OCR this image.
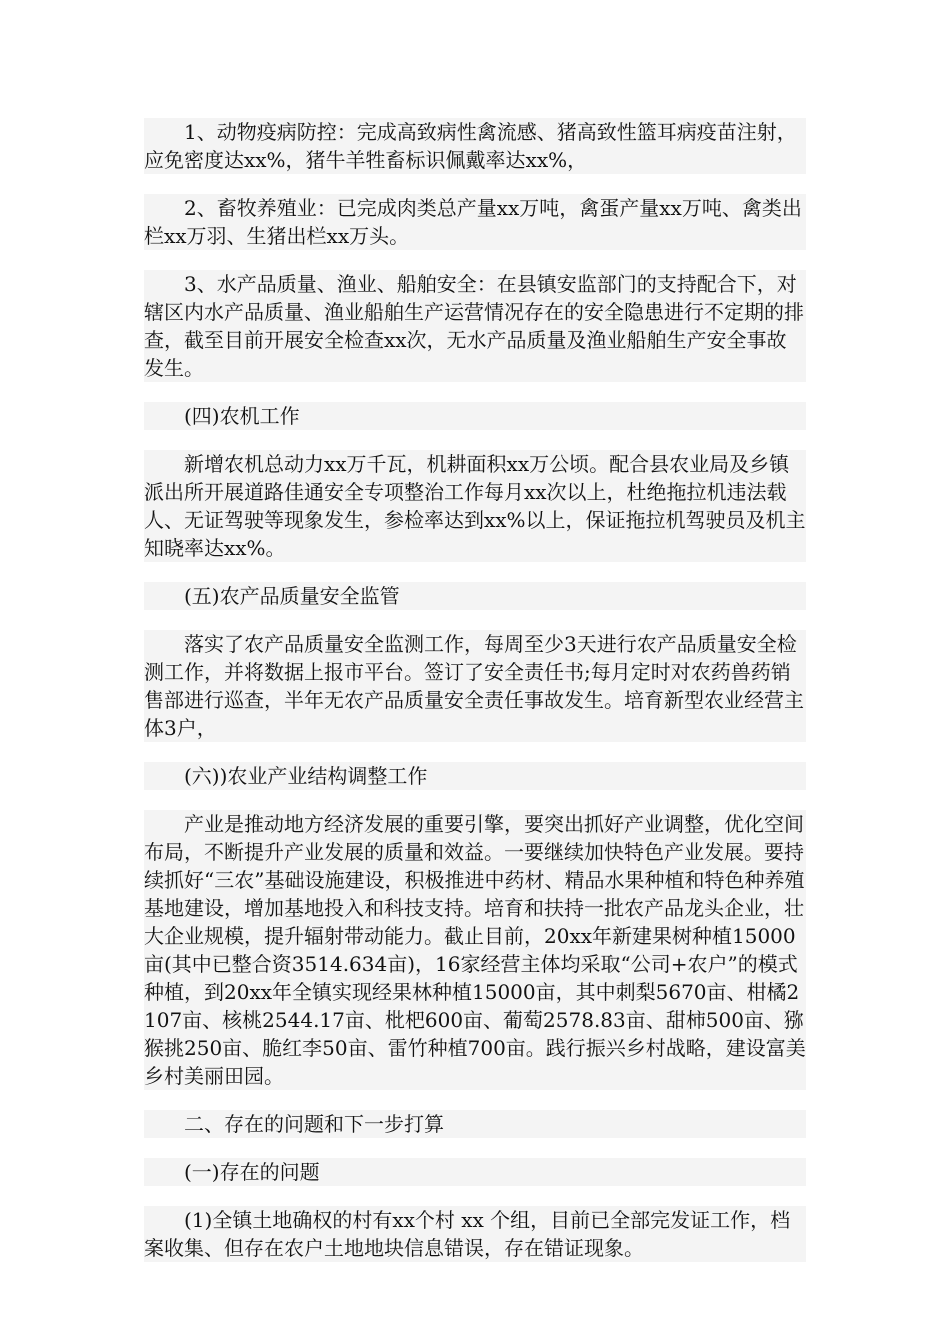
1、动物疫病防控：完成高致病性禽流感、猪高致性篮耳病疫苗注射，应免密度达xx%，猪牛羊牲畜标识佩戴率达xx%，

2、畜牧养殖业：已完成肉类总产量xx万吨，禽蛋产量xx万吨、禽类出栏xx万羽、生猪出栏xx万头。

3、水产品质量、渔业、船舶安全：在县镇安监部门的支持配合下，对辖区内水产品质量、渔业船舶生产运营情况存在的安全隐患进行不定期的排查，截至目前开展安全检查xx次，无水产品质量及渔业船舶生产安全事故发生。

(四)农机工作

新增农机总动力xx万千瓦，机耕面积xx万公顷。配合县农业局及乡镇派出所开展道路佳通安全专项整治工作每月xx次以上，杜绝拖拉机违法载人、无证驾驶等现象发生，参检率达到xx%以上，保证拖拉机驾驶员及机主知晓率达xx%。

(五)农产品质量安全监管

落实了农产品质量安全监测工作，每周至少3天进行农产品质量安全检测工作，并将数据上报市平台。签订了安全责任书;每月定时对农药兽药销售部进行巡查，半年无农产品质量安全责任事故发生。培育新型农业经营主体3户，

(六))农业产业结构调整工作

产业是推动地方经济发展的重要引擎，要突出抓好产业调整，优化空间布局，不断提升产业发展的质量和效益。一要继续加快特色产业发展。要持续抓好“三农”基础设施建设，积极推进中药材、精品水果种植和特色种养殖基地建设，增加基地投入和科技支持。培育和扶持一批农产品龙头企业，壮大企业规模，提升辐射带动能力。截止目前，20xx年新建果树种植15000亩(其中已整合资3514.634亩)，16家经营主体均采取“公司+农户”的模式种植，到20xx年全镇实现经果林种植15000亩，其中刺梨5670亩、柑橘2107亩、核桃2544.17亩、枇杷600亩、葡萄2578.83亩、甜柿500亩、猕猴挑250亩、脆红李50亩、雷竹种植700亩。践行振兴乡村战略，建设富美乡村美丽田园。

二、存在的问题和下一步打算

(一)存在的问题

(1)全镇土地确权的村有xx个村 xx 个组，目前已全部完发证工作，档案收集、但存在农户土地地块信息错误，存在错证现象。
